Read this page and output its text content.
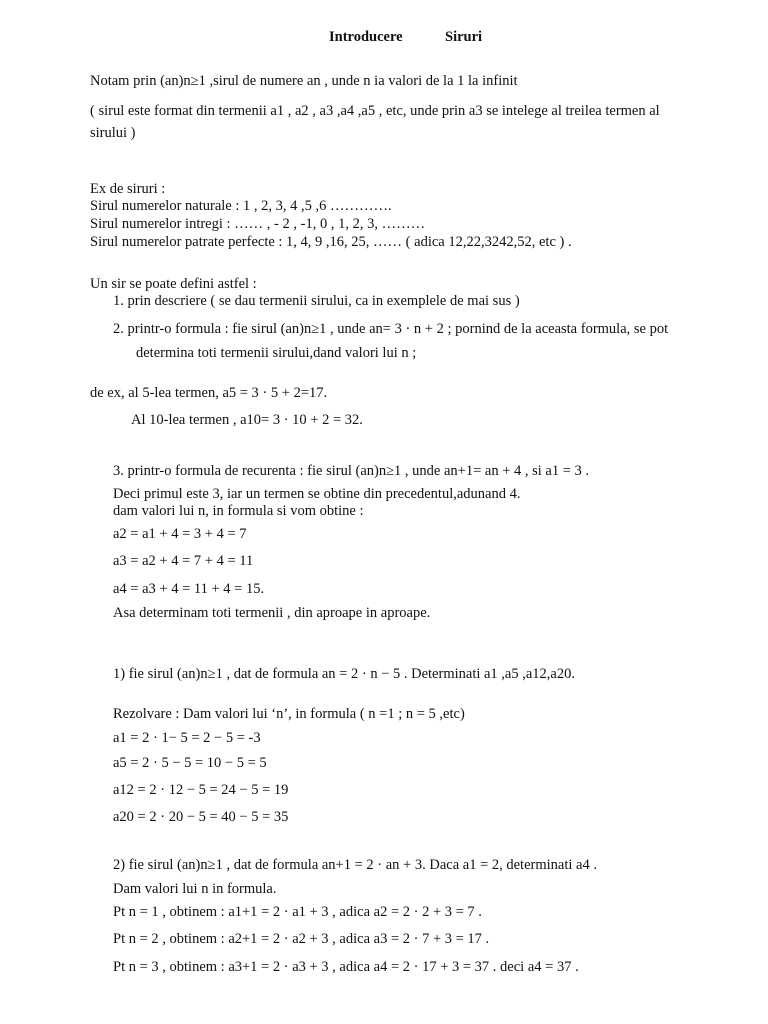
Introducere	Siruri
Notam prin (an)n≥1 ,sirul de numere an , unde n ia valori de la 1 la infinit
( sirul este format din termenii a1 , a2 , a3 ,a4 ,a5 , etc, unde prin a3 se intelege al treilea termen al
sirului )
Ex de siruri :
Sirul numerelor naturale : 1 , 2, 3, 4 ,5 ,6 ………….
Sirul numerelor intregi : …… , - 2 , -1, 0 , 1, 2, 3, ………
Sirul numerelor patrate perfecte : 1, 4, 9 ,16, 25, …… ( adica 12,22,3242,52, etc ) .
Un sir se poate defini astfel :
1. prin descriere ( se dau termenii sirului, ca in exemplele de mai sus )
2. printr-o formula : fie sirul (an)n≥1 , unde an= 3 · n + 2 ; pornind de la aceasta formula, se pot
determina toti termenii sirului,dand valori lui n ;
de ex, al 5-lea termen, a5 = 3 · 5 + 2=17.
Al 10-lea termen , a10= 3 · 10 + 2 = 32.
3. printr-o formula de recurenta : fie sirul (an)n≥1 , unde an+1= an + 4 , si a1 = 3 .
Deci primul este 3, iar un termen se obtine din precedentul,adunand 4.
dam valori lui n, in formula si vom obtine :
a2 = a1 + 4 = 3 + 4 = 7
a3 = a2 + 4 = 7 + 4 = 11
a4 = a3 + 4 = 11 + 4 = 15.
Asa determinam toti termenii , din aproape in aproape.
1) fie sirul (an)n≥1 , dat de formula an = 2 · n − 5 . Determinati a1 ,a5 ,a12,a20.
Rezolvare : Dam valori lui ‘n’, in formula ( n =1 ; n = 5 ,etc)
a1 = 2 · 1− 5 = 2 − 5 = -3
a5 = 2 · 5 − 5 = 10 − 5 = 5
a12 = 2 · 12 − 5 = 24 − 5 = 19
a20 = 2 · 20 − 5 = 40 − 5 = 35
2) fie sirul (an)n≥1 , dat de formula an+1 = 2 · an + 3. Daca a1 = 2, determinati a4 .
Dam valori lui n in formula.
Pt n = 1 , obtinem : a1+1 = 2 · a1 + 3 , adica a2 = 2 · 2 + 3 = 7 .
Pt n = 2 , obtinem : a2+1 = 2 · a2 + 3 , adica a3 = 2 · 7 + 3 = 17 .
Pt n = 3 , obtinem : a3+1 = 2 · a3 + 3 , adica a4 = 2 · 17 + 3 = 37 . deci a4 = 37 .
